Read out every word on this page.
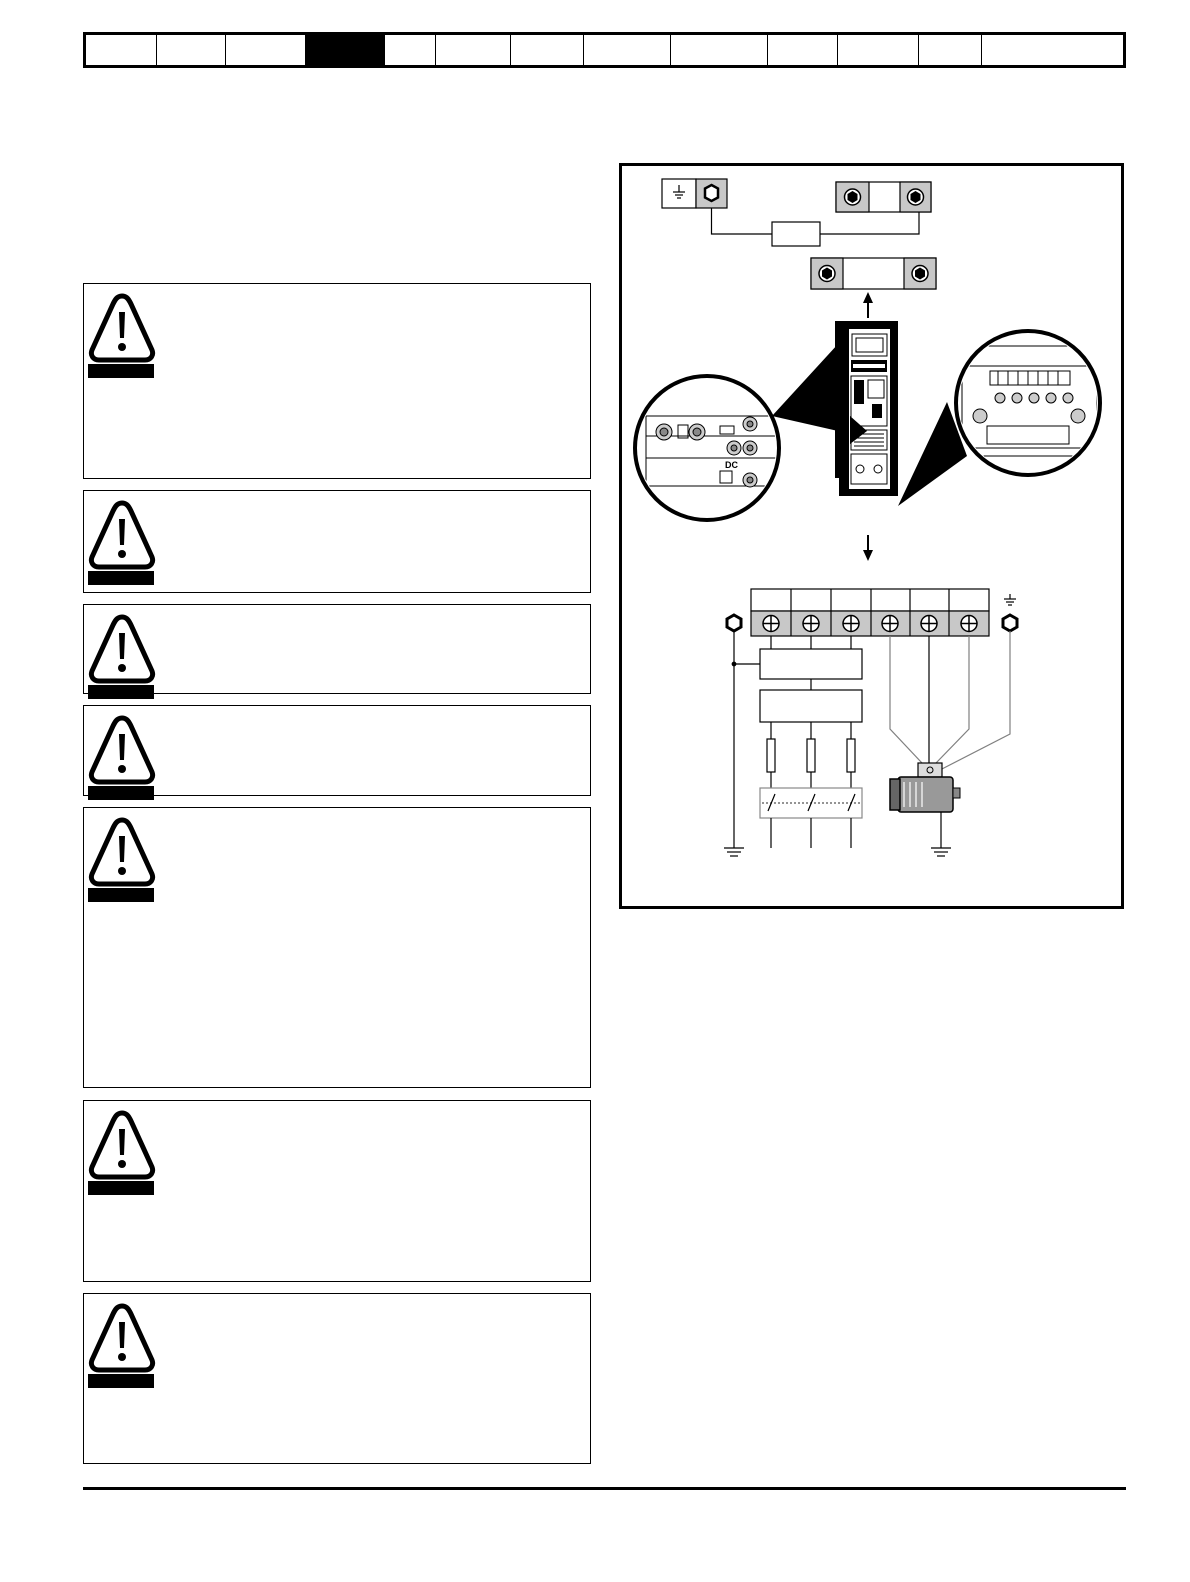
DC
